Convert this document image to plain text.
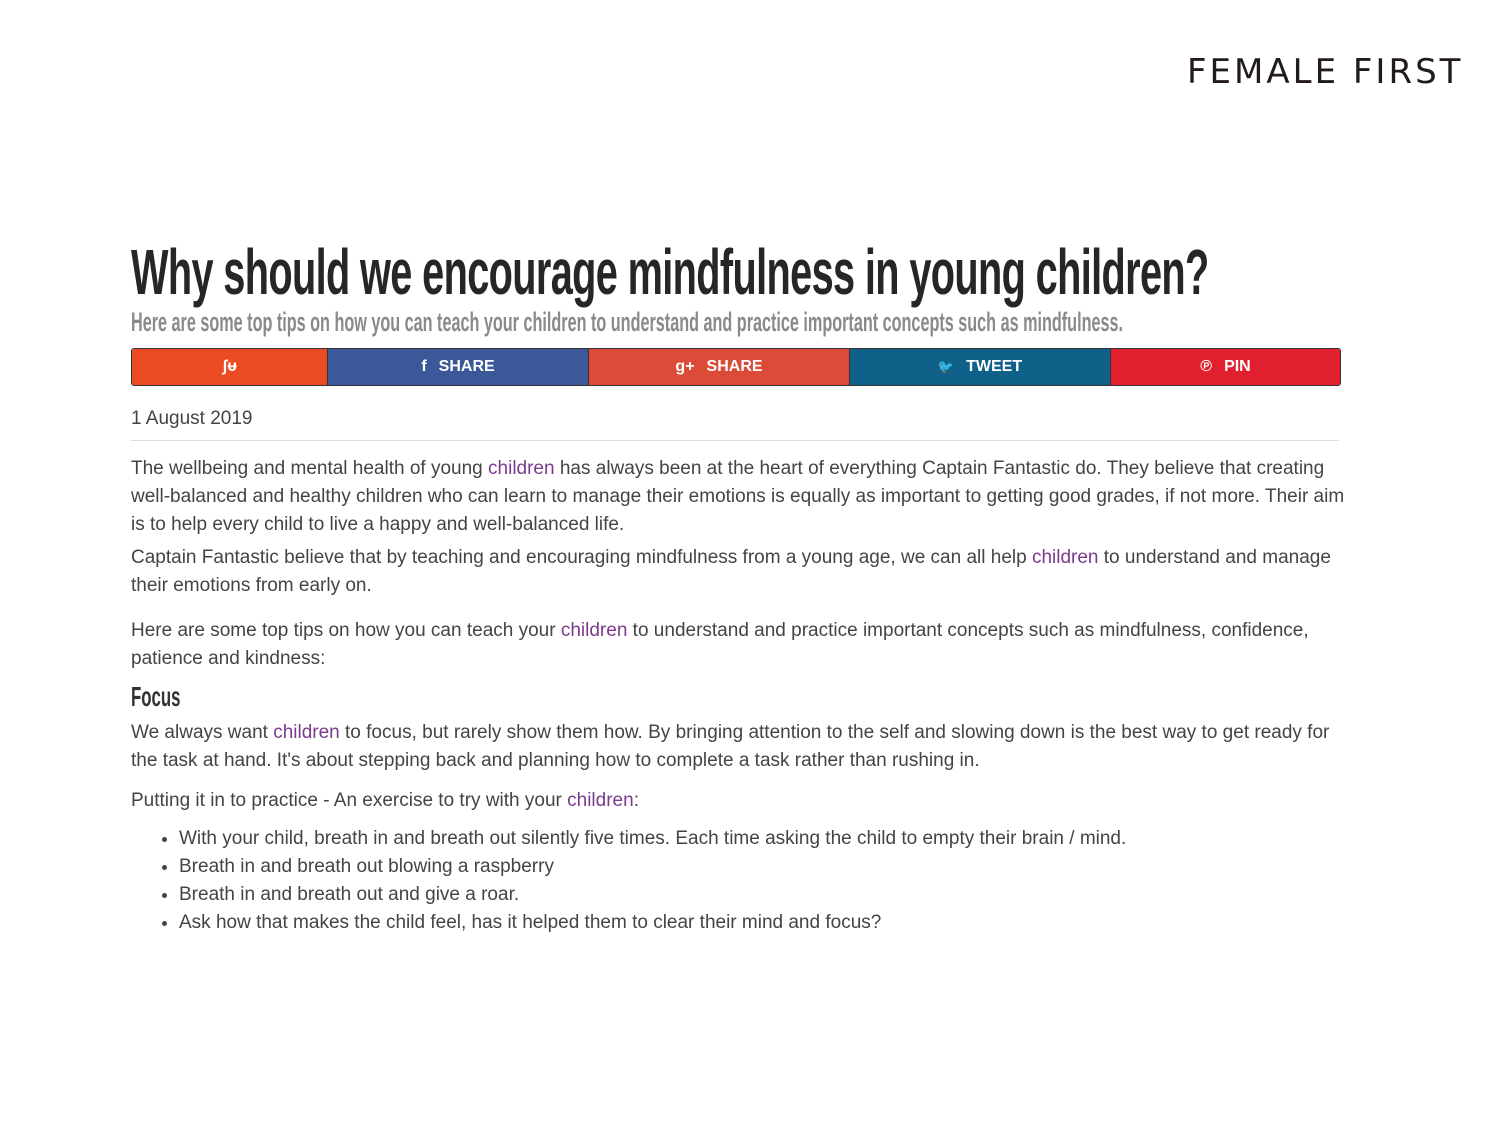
FEMALE FIRST
Why should we encourage mindfulness in young children? Here are some top tips on how you can teach your children to understand and practice important concepts such as mindfulness.
ʃᵾ	f SHARE	g+ SHARE	🐦 TWEET	℗ PIN
1 August 2019

The wellbeing and mental health of young children has always been at the heart of everything Captain Fantastic do. They believe that creating well-balanced and healthy children who can learn to manage their emotions is equally as important to getting good grades, if not more. Their aim is to help every child to live a happy and well-balanced life.

Captain Fantastic believe that by teaching and encouraging mindfulness from a young age, we can all help children to understand and manage their emotions from early on.

Here are some top tips on how you can teach your children to understand and practice important concepts such as mindfulness, confidence, patience and kindness:

Focus

We always want children to focus, but rarely show them how. By bringing attention to the self and slowing down is the best way to get ready for the task at hand. It's about stepping back and planning how to complete a task rather than rushing in.

Putting it in to practice - An exercise to try with your children:

• With your child, breath in and breath out silently five times. Each time asking the child to empty their brain / mind.
• Breath in and breath out blowing a raspberry
• Breath in and breath out and give a roar.
• Ask how that makes the child feel, has it helped them to clear their mind and focus?
